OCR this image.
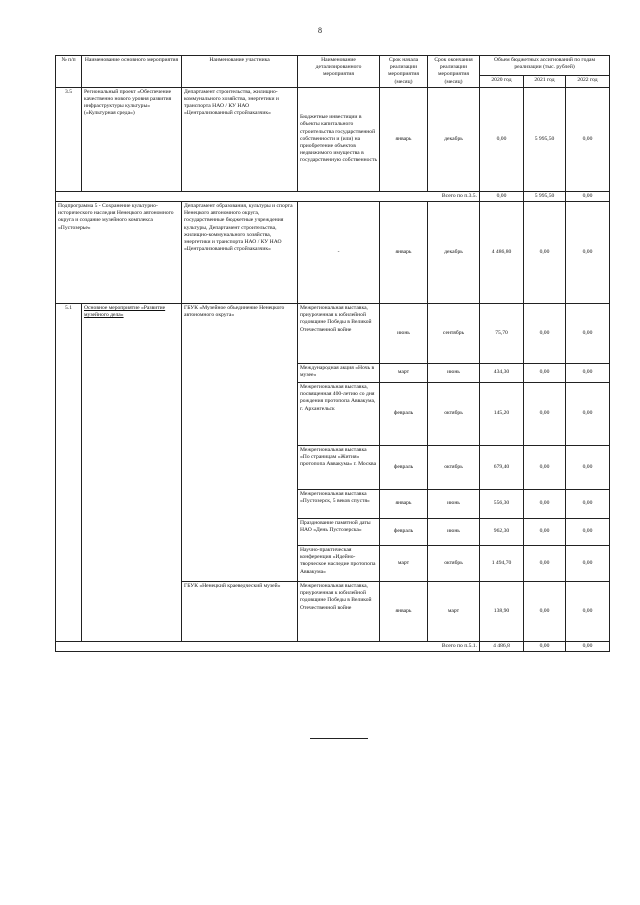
8
№ п/п	Наименование основного мероприятия	Наименование участника	Наименование детализированного мероприятия	Срок начала реализации мероприятия (месяц)	Срок окончания реализации мероприятия (месяц)	Объем бюджетных ассигнований по годам реализации (тыс. рублей)		
						2020 год	2021 год	2022 год
3.5	Региональный проект «Обеспечение качественно нового уровня развития инфраструктуры культуры» («Культурная среда»)	Департамент строительства, жилищно-коммунального хозяйства, энергетики и транспорта НАО / КУ НАО «Централизованный стройзаказчик»	Бюджетные инвестиции в объекты капитального строительства государственной собственности и (или) на приобретение объектов недвижимого имущества в государственную собственность	январь	декабрь	0,00	5 995,50	0,00
Всего по п.3.5.						0,00	5 995,50	0,00
Подпрограмма 5 - Сохранение культурно-исторического наследия Ненецкого автономного округа и создание музейного комплекса «Пустозерье»		Департамент образования, культуры и спорта Ненецкого автономного округа, государственные бюджетные учреждения культуры, Департамент строительства, жилищно-коммунального хозяйства, энергетики и транспорта НАО / КУ НАО «Централизованный стройзаказчик»	-	январь	декабрь	4 486,80	0,00	0,00
5.1	Основное мероприятие «Развитие музейного дела»	ГБУК «Музейное объединение Ненецкого автономного округа»	Межрегиональная выставка, приуроченная к юбилейной годовщине Победы в Великой Отечественной войне	июнь	сентябрь	75,70	0,00	0,00
			Международная акция «Ночь в музее»	март	июнь	434,30	0,00	0,00
			Межрегиональная выставка, посвященная 400-летию со дня рождения протопопа Аввакума, г. Архангельск	февраль	октябрь	145,20	0,00	0,00
			Межрегиональная выставка «По страницам «Жития» протопопа Аввакума» г. Москва	февраль	октябрь	679,40	0,00	0,00
			Межрегиональная выставка «Пустозерск, 5 веков спустя»	январь	июнь	556,30	0,00	0,00
			Празднование памятной даты НАО «День Пустозерска»	февраль	июнь	962,30	0,00	0,00
			Научно-практическая конференция «Идейно-творческое наследие протопопа Аввакума»	март	октябрь	1 494,70	0,00	0,00
		ГБУК «Ненецкий краеведческий музей»	Межрегиональная выставка, приуроченная к юбилейной годовщине Победы в Великой Отечественной войне	январь	март	138,90	0,00	0,00
Всего по п.5.1.						4 486,8	0,00	0,00
